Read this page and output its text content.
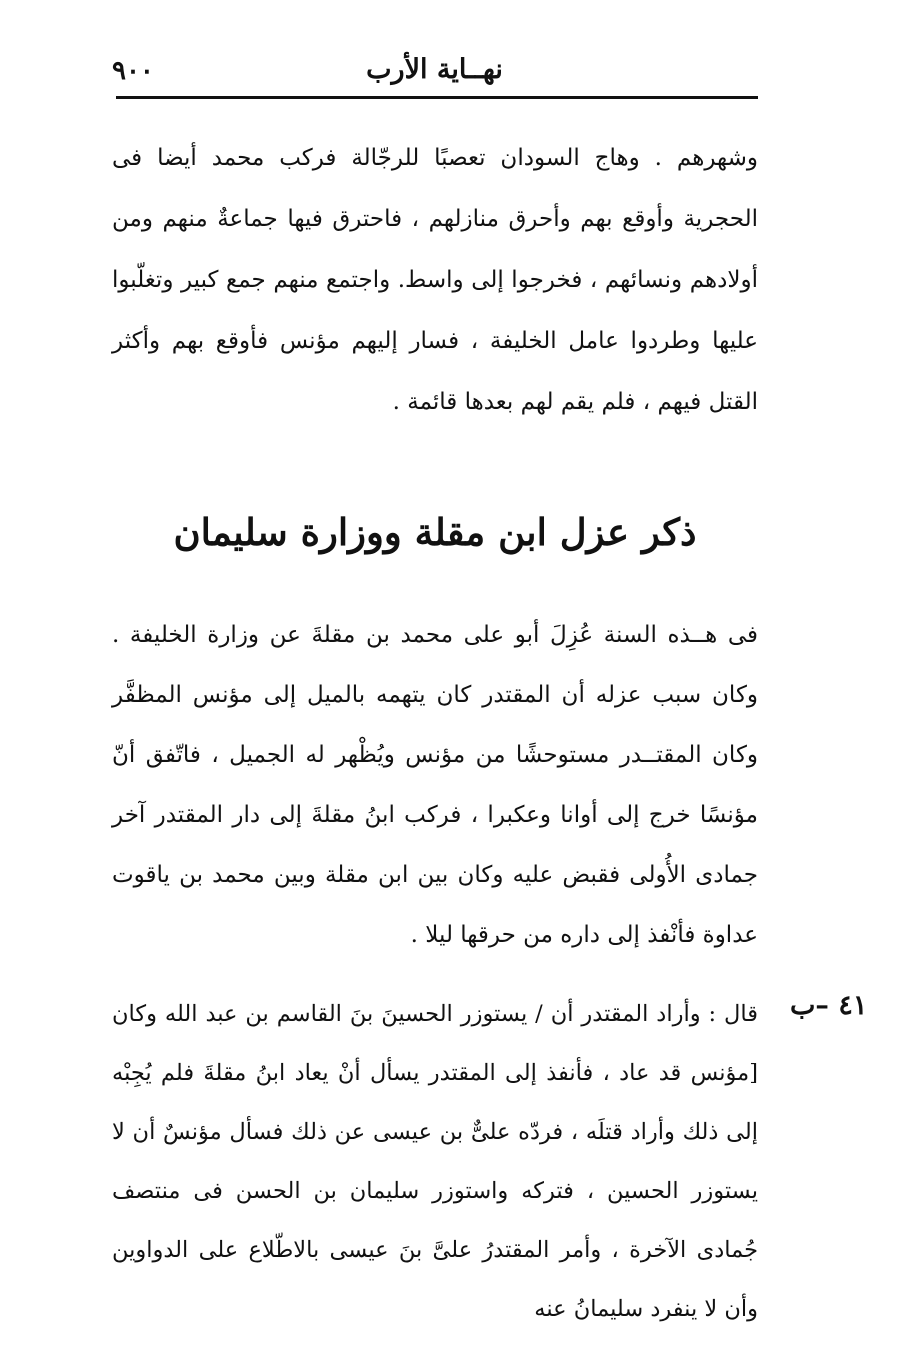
٩٠٠	نهــاية الأرب

وشهرهم . وهاج السودان تعصبًا للرجّالة فركب محمد أيضا فى الحجرية وأوقع بهم وأحرق منازلهم ، فاحترق فيها جماعةٌ منهم ومن أولادهم ونسائهم ، فخرجوا إلى واسط. واجتمع منهم جمع كبير وتغلّبوا عليها وطردوا عامل الخليفة ، فسار إليهم مؤنس فأوقع بهم وأكثر القتل فيهم ، فلم يقم لهم بعدها قائمة .

ذكر عزل ابن مقلة ووزارة سليمان

فى هــذه السنة عُزِلَ أبو على محمد بن مقلةَ عن وزارة الخليفة . وكان سبب عزله أن المقتدر كان يتهمه بالميل إلى مؤنس المظفَّر وكان المقتــدر مستوحشًا من مؤنس ويُظْهر له الجميل ، فاتّفق أنّ مؤنسًا خرج إلى أوانا وعكبرا ، فركب ابنُ مقلةَ إلى دار المقتدر آخر جمادى الأُولى فقبض عليه وكان بين ابن مقلة وبين محمد بن ياقوت عداوة فأنْفذ إلى داره من حرقها ليلا .

قال : وأراد المقتدر أن / يستوزر الحسينَ بنَ القاسم بن عبد الله وكان [مؤنس قد عاد ، فأنفذ إلى المقتدر يسأل أنْ يعاد ابنُ مقلةَ فلم يُجِبْه إلى ذلك وأراد قتلَه ، فردّه علىٌّ بن عيسى عن ذلك فسأل مؤنسٌ أن لا يستوزر الحسين ، فتركه واستوزر سليمان بن الحسن فى منتصف جُمادى الآخرة ، وأمر المقتدرُ علىَّ بنَ عيسى بالاطّلاع على الدواوين وأن لا ينفرد سليمانُ عنه

٤١ –ب
